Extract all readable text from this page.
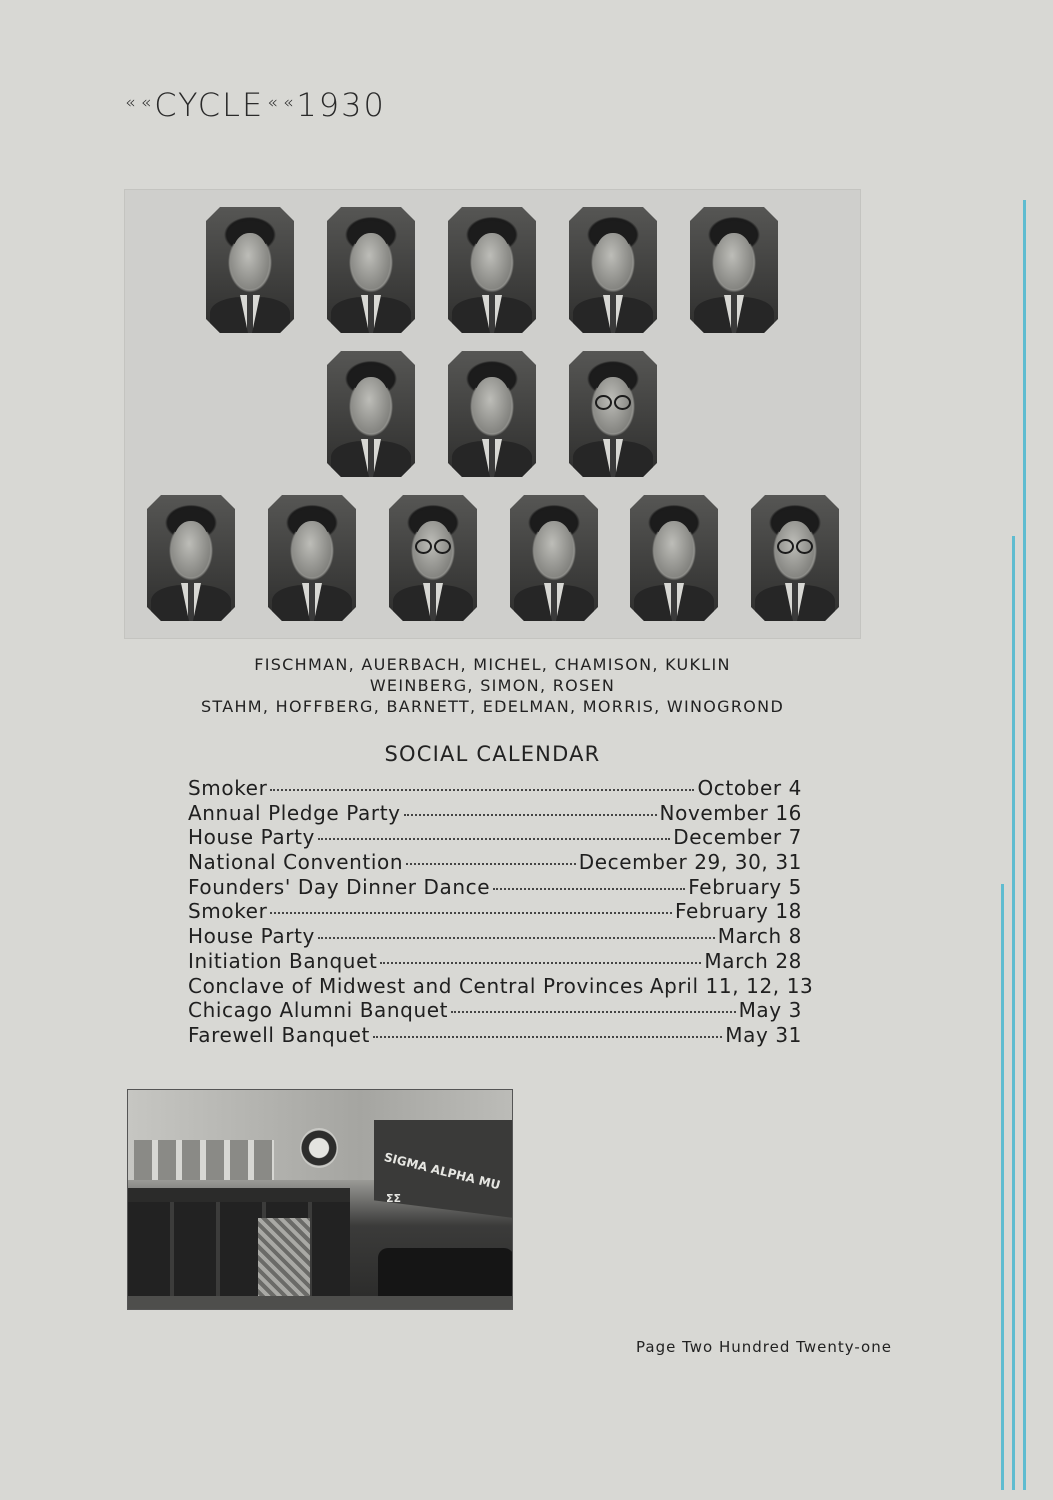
« «CYCLE « «1930
FISCHMAN, AUERBACH, MICHEL, CHAMISON, KUKLIN
WEINBERG, SIMON, ROSEN
STAHM, HOFFBERG, BARNETT, EDELMAN, MORRIS, WINOGROND
SOCIAL CALENDAR
Smoker	October 4
Annual Pledge Party	November 16
House Party	December 7
National Convention	December 29, 30, 31
Founders' Day Dinner Dance	February 5
Smoker	February 18
House Party	March 8
Initiation Banquet	March 28
Conclave of Midwest and Central Provinces April 11, 12, 13
Chicago Alumni Banquet	May 3
Farewell Banquet	May 31
SIGMA ALPHA MU
ΣΣ
Page Two Hundred Twenty-one
